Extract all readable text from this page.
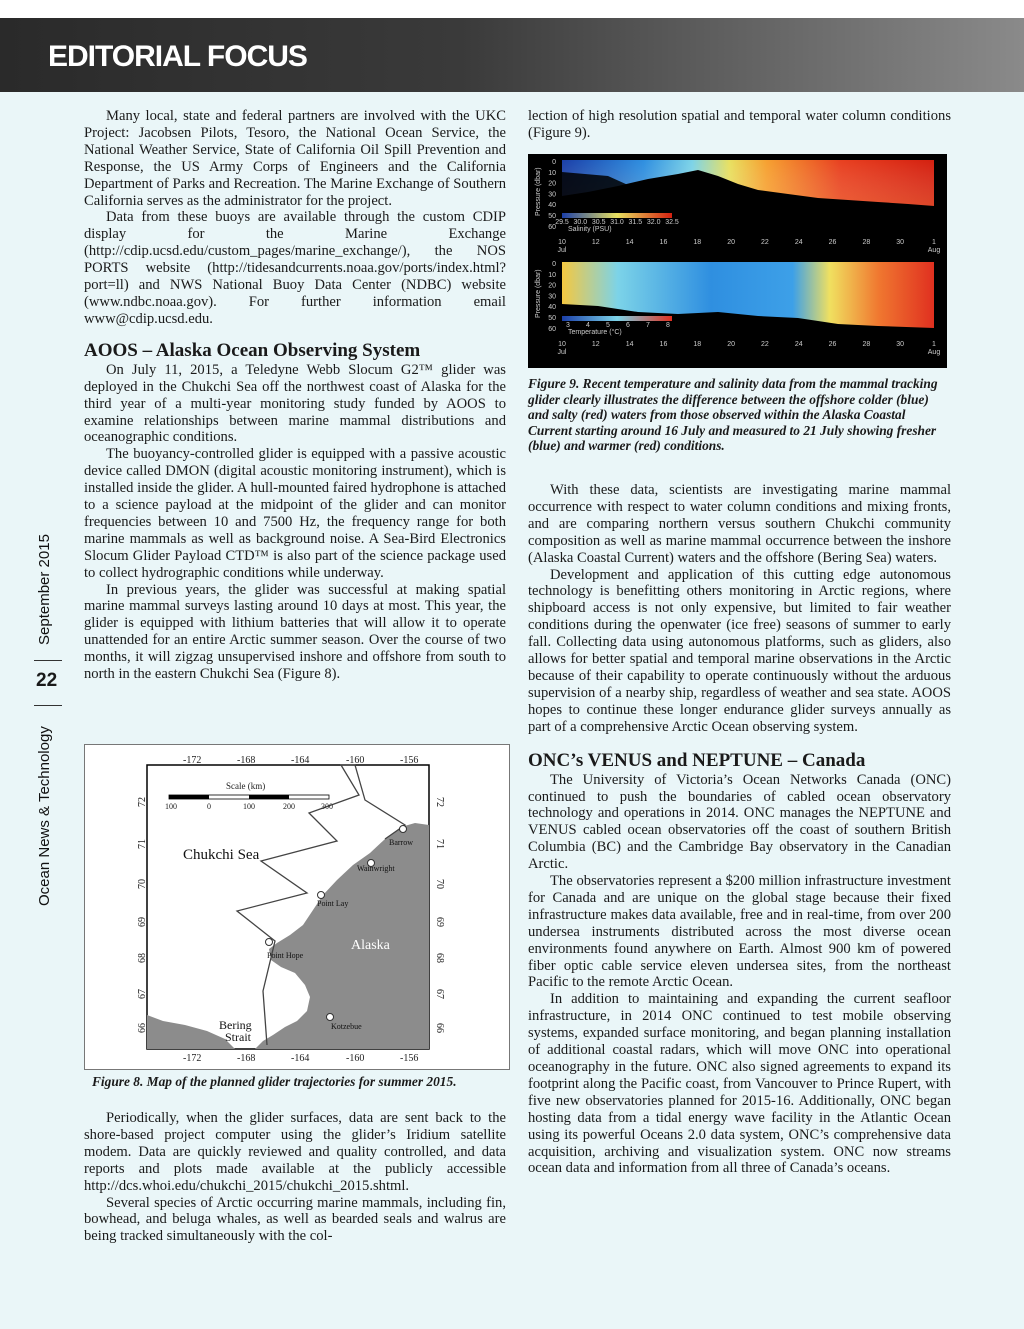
EDITORIAL FOCUS
September 2015
22
Ocean News & Technology

Many local, state and federal partners are involved with the UKC Project: Jacobsen Pilots, Tesoro, the National Ocean Service, the National Weather Service, State of California Oil Spill Prevention and Response, the US Army Corps of Engineers and the California Department of Parks and Recreation. The Marine Exchange of Southern California serves as the administrator for the project.

Data from these buoys are available through the custom CDIP display for the Marine Exchange (http://cdip.ucsd.edu/custom_pages/marine_exchange/), the NOS PORTS website (http://tidesandcurrents.noaa.gov/ports/index.html?port=ll) and NWS National Buoy Data Center (NDBC) website (www.ndbc.noaa.gov). For further information email www@cdip.ucsd.edu.

AOOS – Alaska Ocean Observing System

On July 11, 2015, a Teledyne Webb Slocum G2™ glider was deployed in the Chukchi Sea off the northwest coast of Alaska for the third year of a multi-year monitoring study funded by AOOS to examine relationships between marine mammal distributions and oceanographic conditions.

The buoyancy-controlled glider is equipped with a passive acoustic device called DMON (digital acoustic monitoring instrument), which is installed inside the glider. A hull-mounted faired hydrophone is attached to a science payload at the midpoint of the glider and can monitor frequencies between 10 and 7500 Hz, the frequency range for both marine mammals as well as background noise. A Sea-Bird Electronics Slocum Glider Payload CTD™ is also part of the science package used to collect hydrographic conditions while underway.

In previous years, the glider was successful at making spatial marine mammal surveys lasting around 10 days at most. This year, the glider is equipped with lithium batteries that will allow it to operate unattended for an entire Arctic summer season. Over the course of two months, it will zigzag unsupervised inshore and offshore from south to north in the eastern Chukchi Sea (Figure 8).

-172	-168	-164	-160	-156
-172	-168	-164	-160	-156
72
71
70
69
68
67
66
72
71
70
69
68
67
66
Scale (km)
100	0	100	200	300
Chukchi Sea
Alaska
Bering
Strait
Barrow
Wainwright
Point Lay
Point Hope
Kotzebue
Figure 8. Map of the planned glider trajectories for summer 2015.

Periodically, when the glider surfaces, data are sent back to the shore-based project computer using the glider’s Iridium satellite modem. Data are quickly reviewed and quality controlled, and data reports and plots made available at the publicly accessible http://dcs.whoi.edu/chukchi_2015/chukchi_2015.shtml.

Several species of Arctic occurring marine mammals, including fin, bowhead, and beluga whales, as well as bearded seals and walrus are being tracked simultaneously with the col-

lection of high resolution spatial and temporal water column conditions (Figure 9).

0
10
20
30
40
50
60
Pressure (dbar)
10	12	14	16	18	20	22	24	26	28	30	1
Jul	Aug
0
10
20
30
40
50
60
Pressure (dbar)
10	12	14	16	18	20	22	24	26	28	30	1
Jul	Aug
29.5 30.0 30.5 31.0 31.5 32.0 32.5
Salinity (PSU)
3 4 5 6 7 8
Temperature (°C)
Figure 9. Recent temperature and salinity data from the mammal tracking glider clearly illustrates the difference between the offshore colder (blue) and salty (red) waters from those observed within the Alaska Coastal Current starting around 16 July and measured to 21 July showing fresher (blue) and warmer (red) conditions.

With these data, scientists are investigating marine mammal occurrence with respect to water column conditions and mixing fronts, and are comparing northern versus southern Chukchi community composition as well as marine mammal occurrence between the inshore (Alaska Coastal Current) waters and the offshore (Bering Sea) waters.

Development and application of this cutting edge autonomous technology is benefitting others monitoring in Arctic regions, where shipboard access is not only expensive, but limited to fair weather conditions during the openwater (ice free) seasons of summer to early fall. Collecting data using autonomous platforms, such as gliders, also allows for better spatial and temporal marine observations in the Arctic because of their capability to operate continuously without the arduous supervision of a nearby ship, regardless of weather and sea state. AOOS hopes to continue these longer endurance glider surveys annually as part of a comprehensive Arctic Ocean observing system.

ONC’s VENUS and NEPTUNE – Canada

The University of Victoria’s Ocean Networks Canada (ONC) continued to push the boundaries of cabled ocean observatory technology and operations in 2014. ONC manages the NEPTUNE and VENUS cabled ocean observatories off the coast of southern British Columbia (BC) and the Cambridge Bay observatory in the Canadian Arctic.

The observatories represent a $200 million infrastructure investment for Canada and are unique on the global stage because their fixed infrastructure makes data available, free and in real-time, from over 200 undersea instruments distributed across the most diverse ocean environments found anywhere on Earth. Almost 900 km of powered fiber optic cable service eleven undersea sites, from the northeast Pacific to the remote Arctic Ocean.

In addition to maintaining and expanding the current seafloor infrastructure, in 2014 ONC continued to test mobile observing systems, expanded surface monitoring, and began planning installation of additional coastal radars, which will move ONC into operational oceanography in the future. ONC also signed agreements to expand its footprint along the Pacific coast, from Vancouver to Prince Rupert, with five new observatories planned for 2015-16. Additionally, ONC began hosting data from a tidal energy wave facility in the Atlantic Ocean using its powerful Oceans 2.0 data system, ONC’s comprehensive data acquisition, archiving and visualization system. ONC now streams ocean data and information from all three of Canada’s oceans.
